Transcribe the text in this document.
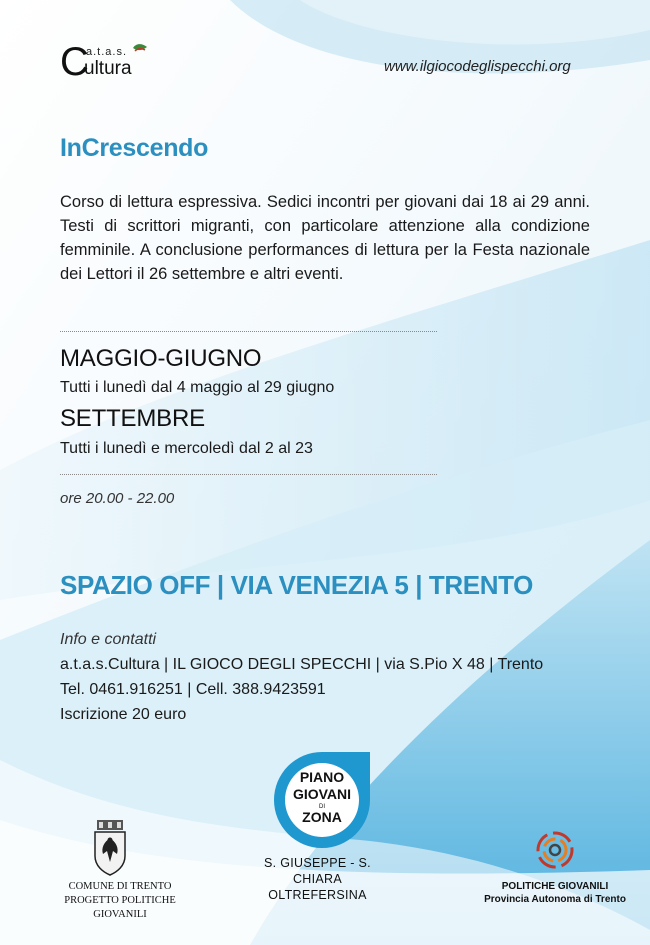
C
a.t.a.s.
ultura	www.ilgiocodeglispecchi.org
InCrescendo
Corso di lettura espressiva. Sedici incontri per giovani dai 18 ai 29 anni. Testi di scrittori migranti, con particolare attenzione alla condizione femminile. A conclusione performances di lettura per la Festa nazionale dei Lettori il 26 settembre e altri eventi.
MAGGIO-GIUGNO
Tutti i lunedì dal 4 maggio al 29 giugno
SETTEMBRE
Tutti i lunedì e mercoledì dal 2 al 23
ore 20.00 - 22.00
SPAZIO OFF | VIA VENEZIA 5 | TRENTO
Info e contatti
a.t.a.s.Cultura | IL GIOCO DEGLI SPECCHI | via S.Pio X 48 | Trento
Tel. 0461.916251 | Cell. 388.9423591
Iscrizione 20 euro
COMUNE DI TRENTO
PROGETTO POLITICHE GIOVANILI
PIANO
GIOVANI
DI
ZONA
S. GIUSEPPE - S. CHIARA
OLTREFERSINA
POLITICHE GIOVANILI
Provincia Autonoma di Trento
